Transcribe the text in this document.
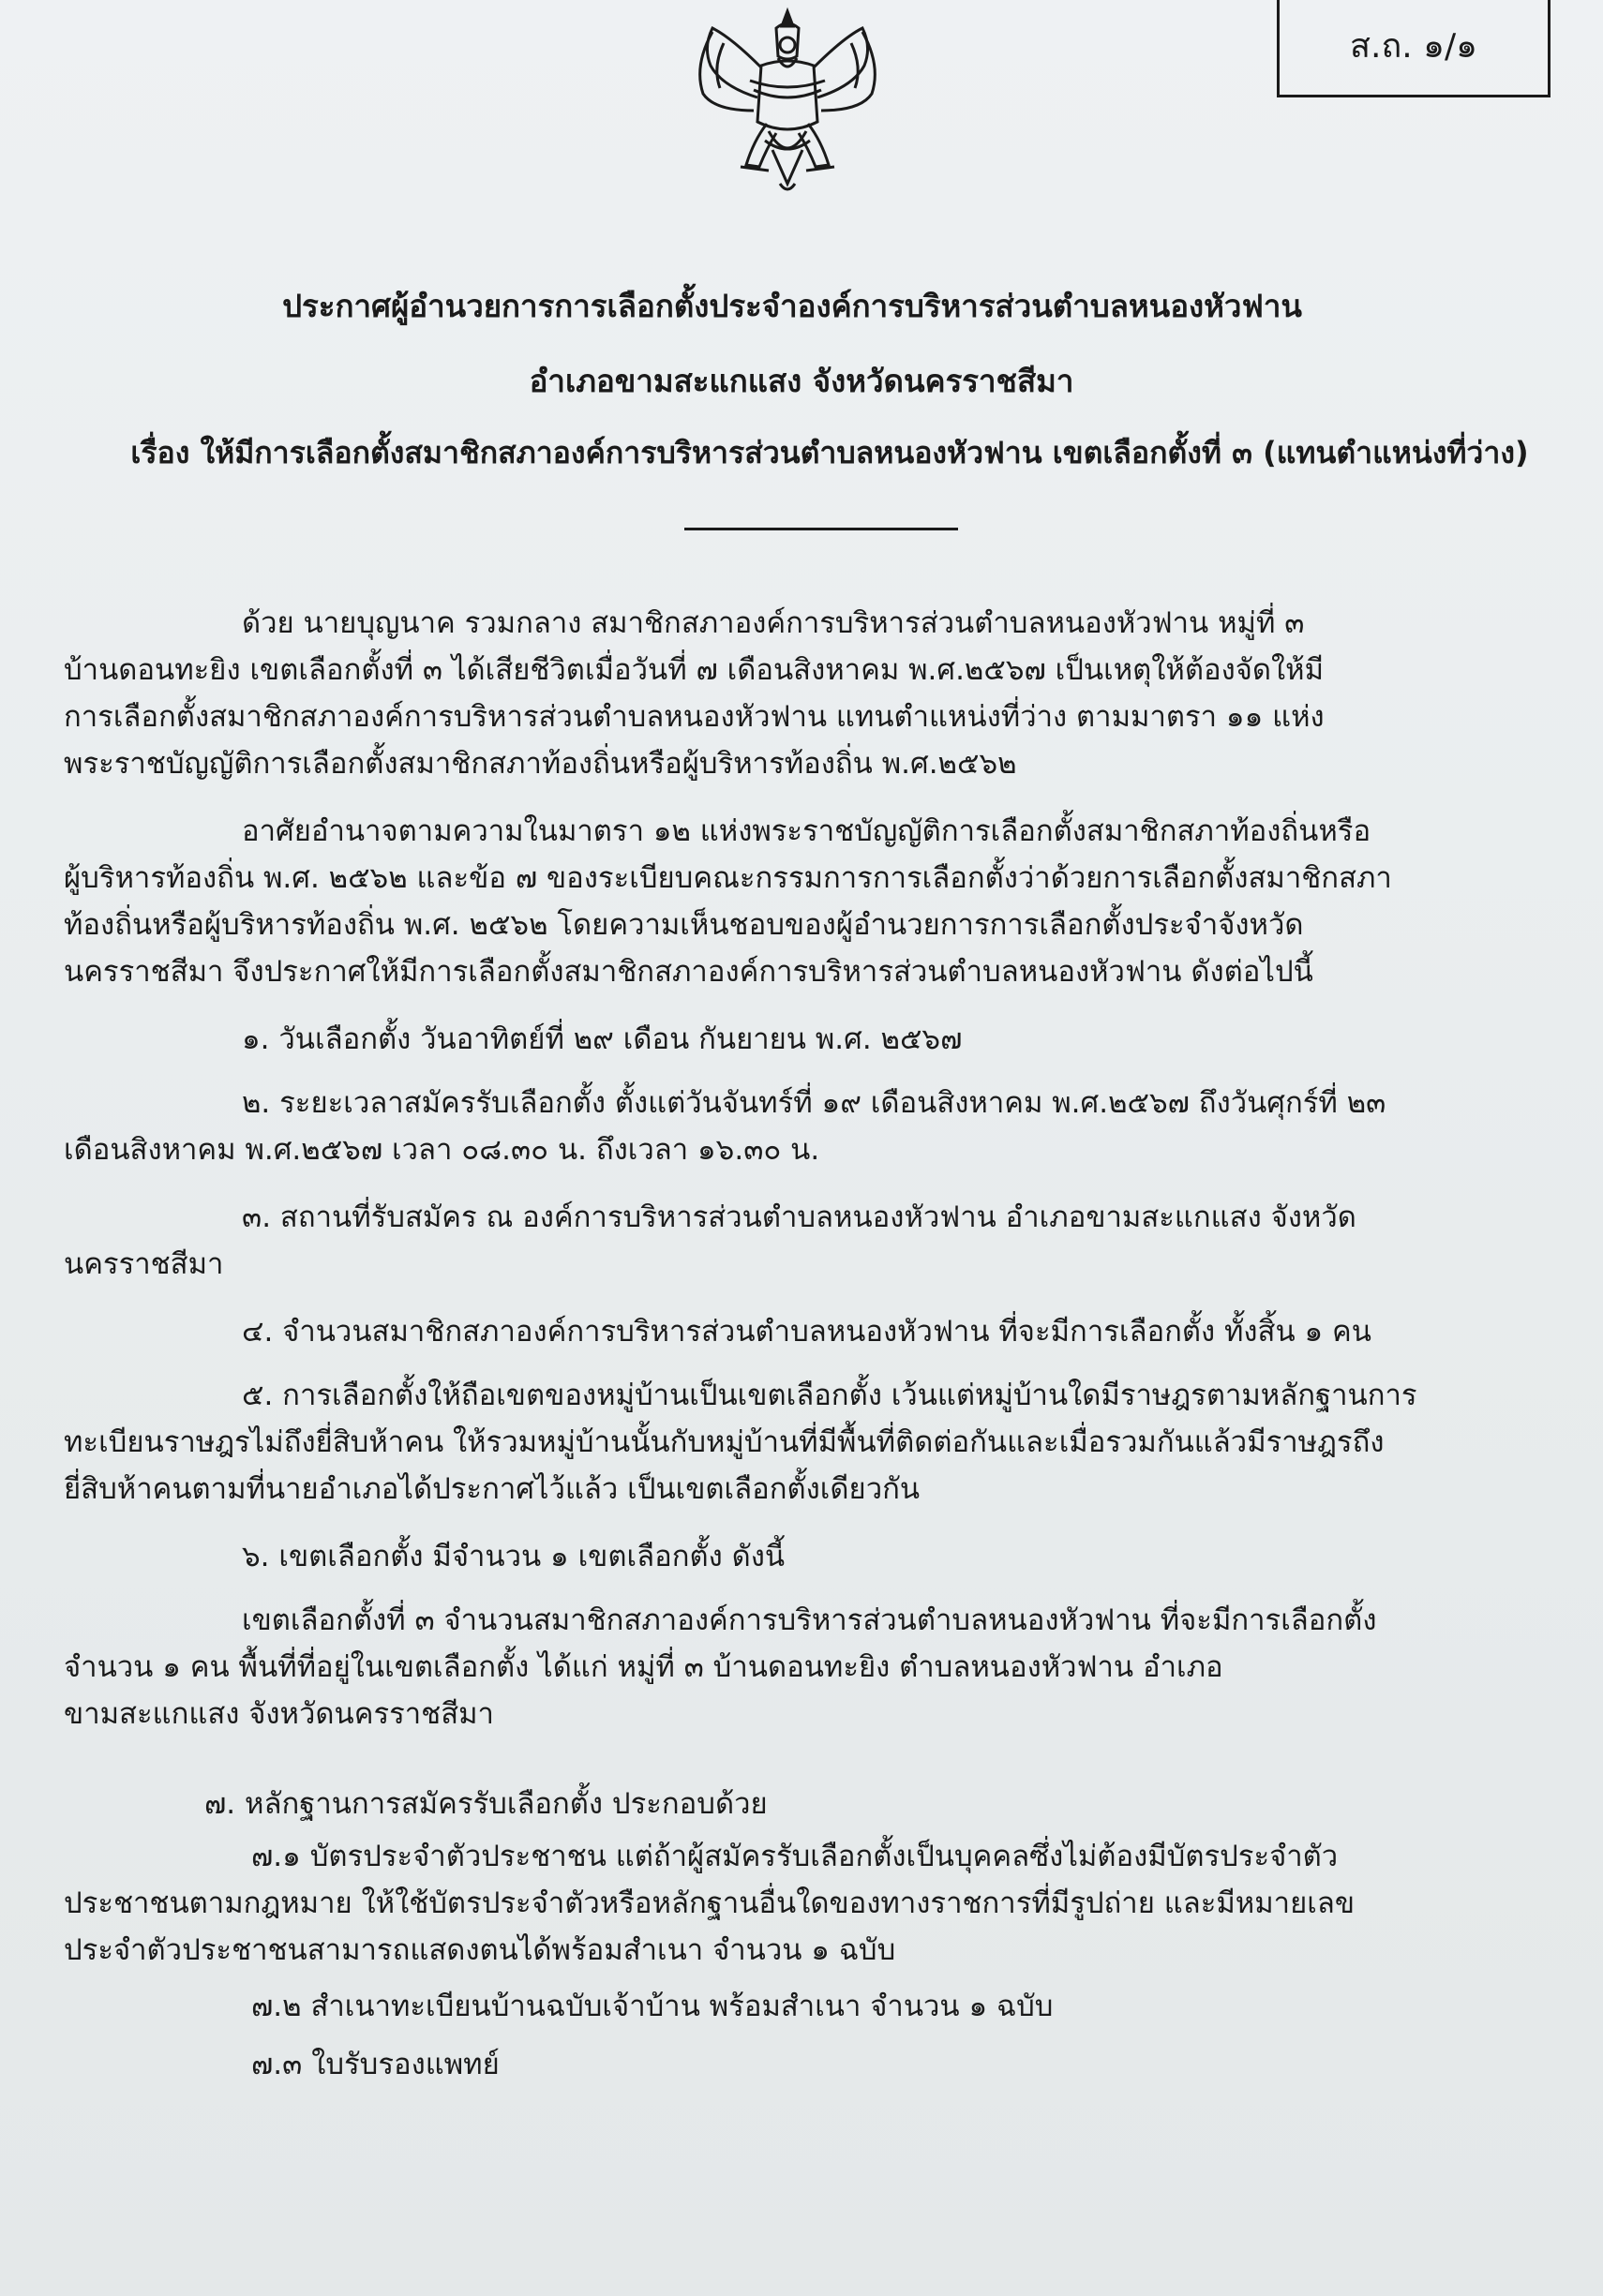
ส.ถ. ๑/๑
ประกาศผู้อำนวยการการเลือกตั้งประจำองค์การบริหารส่วนตำบลหนองหัวฟาน
อำเภอขามสะแกแสง จังหวัดนครราชสีมา
เรื่อง ให้มีการเลือกตั้งสมาชิกสภาองค์การบริหารส่วนตำบลหนองหัวฟาน เขตเลือกตั้งที่ ๓ (แทนตำแหน่งที่ว่าง)
ด้วย นายบุญนาค รวมกลาง สมาชิกสภาองค์การบริหารส่วนตำบลหนองหัวฟาน หมู่ที่ ๓
บ้านดอนทะยิง เขตเลือกตั้งที่ ๓ ได้เสียชีวิตเมื่อวันที่ ๗ เดือนสิงหาคม พ.ศ.๒๕๖๗ เป็นเหตุให้ต้องจัดให้มี
การเลือกตั้งสมาชิกสภาองค์การบริหารส่วนตำบลหนองหัวฟาน แทนตำแหน่งที่ว่าง ตามมาตรา ๑๑ แห่ง
พระราชบัญญัติการเลือกตั้งสมาชิกสภาท้องถิ่นหรือผู้บริหารท้องถิ่น พ.ศ.๒๕๖๒
อาศัยอำนาจตามความในมาตรา ๑๒ แห่งพระราชบัญญัติการเลือกตั้งสมาชิกสภาท้องถิ่นหรือ
ผู้บริหารท้องถิ่น พ.ศ. ๒๕๖๒ และข้อ ๗ ของระเบียบคณะกรรมการการเลือกตั้งว่าด้วยการเลือกตั้งสมาชิกสภา
ท้องถิ่นหรือผู้บริหารท้องถิ่น พ.ศ. ๒๕๖๒ โดยความเห็นชอบของผู้อำนวยการการเลือกตั้งประจำจังหวัด
นครราชสีมา จึงประกาศให้มีการเลือกตั้งสมาชิกสภาองค์การบริหารส่วนตำบลหนองหัวฟาน ดังต่อไปนี้
๑. วันเลือกตั้ง วันอาทิตย์ที่ ๒๙ เดือน กันยายน พ.ศ. ๒๕๖๗
๒. ระยะเวลาสมัครรับเลือกตั้ง ตั้งแต่วันจันทร์ที่ ๑๙ เดือนสิงหาคม พ.ศ.๒๕๖๗ ถึงวันศุกร์ที่ ๒๓
เดือนสิงหาคม พ.ศ.๒๕๖๗ เวลา ๐๘.๓๐ น. ถึงเวลา ๑๖.๓๐ น.
๓. สถานที่รับสมัคร ณ องค์การบริหารส่วนตำบลหนองหัวฟาน อำเภอขามสะแกแสง จังหวัด
นครราชสีมา
๔. จำนวนสมาชิกสภาองค์การบริหารส่วนตำบลหนองหัวฟาน ที่จะมีการเลือกตั้ง ทั้งสิ้น ๑ คน
๕. การเลือกตั้งให้ถือเขตของหมู่บ้านเป็นเขตเลือกตั้ง เว้นแต่หมู่บ้านใดมีราษฎรตามหลักฐานการ
ทะเบียนราษฎรไม่ถึงยี่สิบห้าคน ให้รวมหมู่บ้านนั้นกับหมู่บ้านที่มีพื้นที่ติดต่อกันและเมื่อรวมกันแล้วมีราษฎรถึง
ยี่สิบห้าคนตามที่นายอำเภอได้ประกาศไว้แล้ว เป็นเขตเลือกตั้งเดียวกัน
๖. เขตเลือกตั้ง มีจำนวน ๑ เขตเลือกตั้ง ดังนี้
เขตเลือกตั้งที่ ๓ จำนวนสมาชิกสภาองค์การบริหารส่วนตำบลหนองหัวฟาน ที่จะมีการเลือกตั้ง
จำนวน ๑ คน พื้นที่ที่อยู่ในเขตเลือกตั้ง ได้แก่ หมู่ที่ ๓ บ้านดอนทะยิง ตำบลหนองหัวฟาน อำเภอ
ขามสะแกแสง จังหวัดนครราชสีมา
๗. หลักฐานการสมัครรับเลือกตั้ง ประกอบด้วย
๗.๑ บัตรประจำตัวประชาชน แต่ถ้าผู้สมัครรับเลือกตั้งเป็นบุคคลซึ่งไม่ต้องมีบัตรประจำตัว
ประชาชนตามกฎหมาย ให้ใช้บัตรประจำตัวหรือหลักฐานอื่นใดของทางราชการที่มีรูปถ่าย และมีหมายเลข
ประจำตัวประชาชนสามารถแสดงตนได้พร้อมสำเนา จำนวน ๑ ฉบับ
๗.๒ สำเนาทะเบียนบ้านฉบับเจ้าบ้าน พร้อมสำเนา จำนวน ๑ ฉบับ
๗.๓ ใบรับรองแพทย์
